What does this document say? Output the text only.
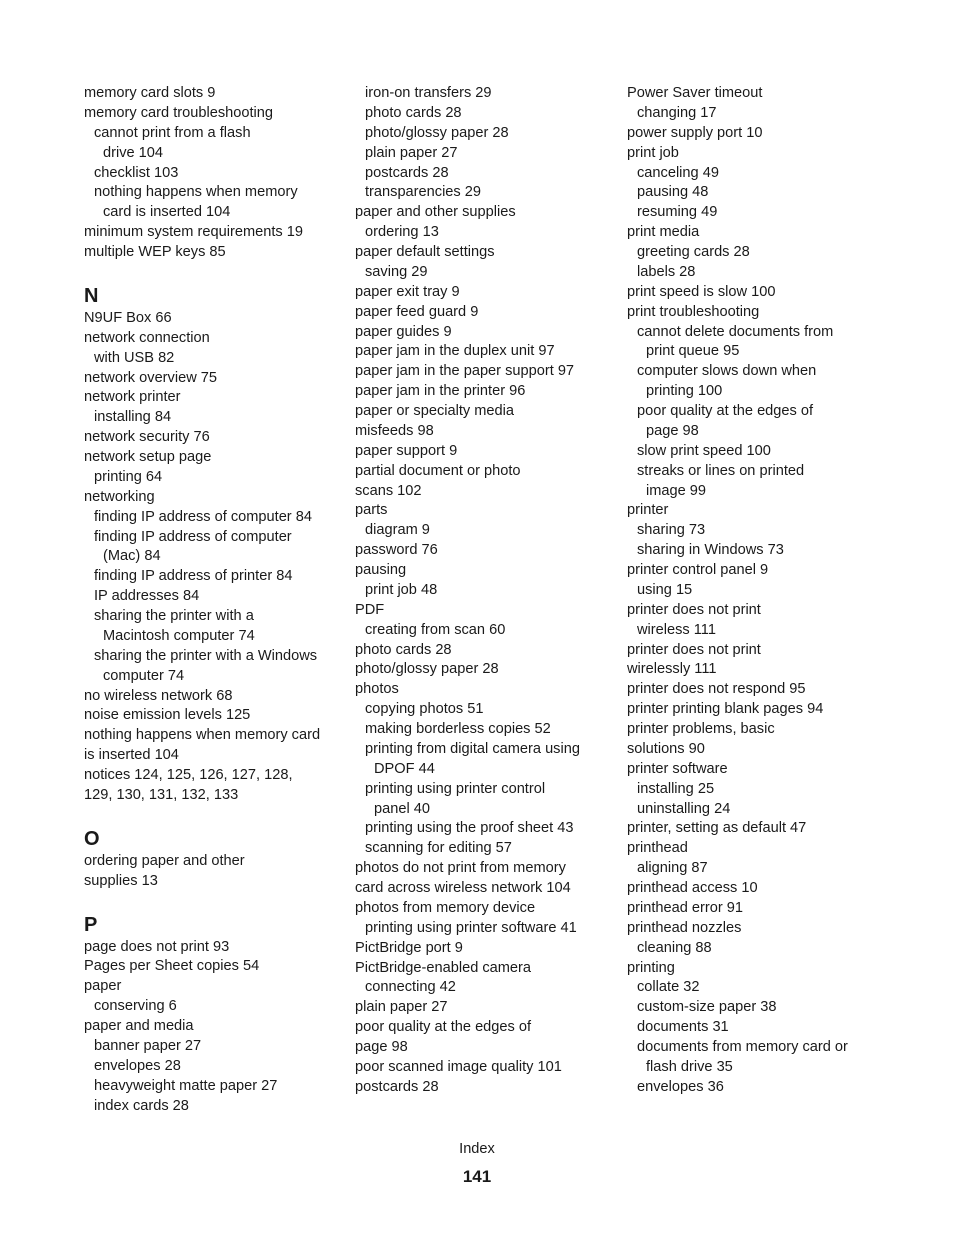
memory card slots 9
memory card troubleshooting
cannot print from a flash
drive 104
checklist 103
nothing happens when memory
card is inserted 104
minimum system requirements 19
multiple WEP keys 85
N
N9UF Box 66
network connection
with USB 82
network overview 75
network printer
installing 84
network security 76
network setup page
printing 64
networking
finding IP address of computer 84
finding IP address of computer
(Mac) 84
finding IP address of printer 84
IP addresses 84
sharing the printer with a
Macintosh computer 74
sharing the printer with a Windows
computer 74
no wireless network 68
noise emission levels 125
nothing happens when memory card
is inserted 104
notices 124, 125, 126, 127, 128,
129, 130, 131, 132, 133
O
ordering paper and other
supplies 13
P
page does not print 93
Pages per Sheet copies 54
paper
conserving 6
paper and media
banner paper 27
envelopes 28
heavyweight matte paper 27
index cards 28
iron-on transfers 29
photo cards 28
photo/glossy paper 28
plain paper 27
postcards 28
transparencies 29
paper and other supplies
ordering 13
paper default settings
saving 29
paper exit tray 9
paper feed guard 9
paper guides 9
paper jam in the duplex unit 97
paper jam in the paper support 97
paper jam in the printer 96
paper or specialty media
misfeeds 98
paper support 9
partial document or photo
scans 102
parts
diagram 9
password 76
pausing
print job 48
PDF
creating from scan 60
photo cards 28
photo/glossy paper 28
photos
copying photos 51
making borderless copies 52
printing from digital camera using
DPOF 44
printing using printer control
panel 40
printing using the proof sheet 43
scanning for editing 57
photos do not print from memory
card across wireless network 104
photos from memory device
printing using printer software 41
PictBridge port 9
PictBridge-enabled camera
connecting 42
plain paper 27
poor quality at the edges of
page 98
poor scanned image quality 101
postcards 28
Power Saver timeout
changing 17
power supply port 10
print job
canceling 49
pausing 48
resuming 49
print media
greeting cards 28
labels 28
print speed is slow 100
print troubleshooting
cannot delete documents from
print queue 95
computer slows down when
printing 100
poor quality at the edges of
page 98
slow print speed 100
streaks or lines on printed
image 99
printer
sharing 73
sharing in Windows 73
printer control panel 9
using 15
printer does not print
wireless 111
printer does not print
wirelessly 111
printer does not respond 95
printer printing blank pages 94
printer problems, basic
solutions 90
printer software
installing 25
uninstalling 24
printer, setting as default 47
printhead
aligning 87
printhead access 10
printhead error 91
printhead nozzles
cleaning 88
printing
collate 32
custom-size paper 38
documents 31
documents from memory card or
flash drive 35
envelopes 36
Index
141
